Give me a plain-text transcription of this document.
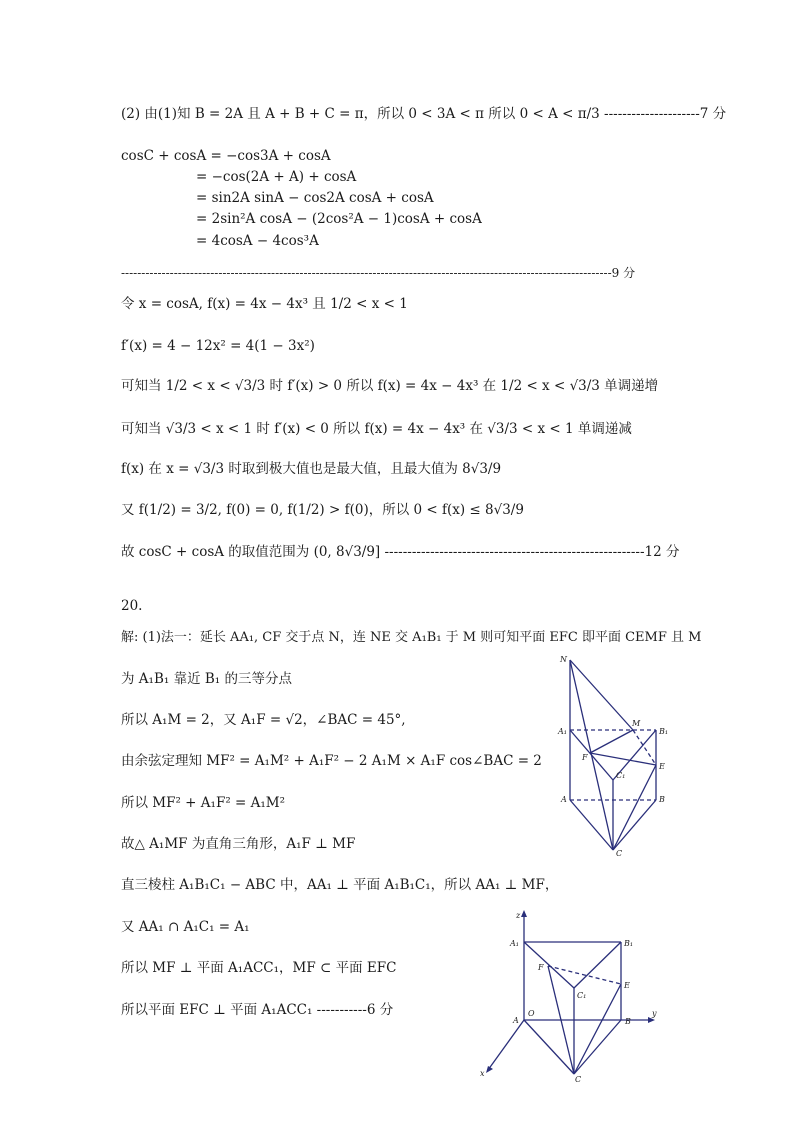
(2) 由(1)知 B = 2A 且 A + B + C = π，所以 0 < 3A < π 所以 0 < A < π/3 ---------------------7 分
cosC + cosA = −cos3A + cosA
= −cos(2A + A) + cosA
= sin2A sinA − cos2A cosA + cosA
= 2sin²A cosA − (2cos²A − 1)cosA + cosA
= 4cosA − 4cos³A
-------------------------------------------------------------------------------------------------------------------------9 分
令 x = cosA, f(x) = 4x − 4x³ 且 1/2 < x < 1
f′(x) = 4 − 12x² = 4(1 − 3x²)
可知当 1/2 < x < √3/3 时 f′(x) > 0 所以 f(x) = 4x − 4x³ 在 1/2 < x < √3/3 单调递增
可知当 √3/3 < x < 1 时 f′(x) < 0 所以 f(x) = 4x − 4x³ 在 √3/3 < x < 1 单调递减
f(x) 在 x = √3/3 时取到极大值也是最大值，且最大值为 8√3/9
又 f(1/2) = 3/2, f(0) = 0, f(1/2) > f(0)，所以 0 < f(x) ≤ 8√3/9
故 cosC + cosA 的取值范围为 (0, 8√3/9] ---------------------------------------------------------12 分
20.
解: (1)法一：延长 AA₁, CF 交于点 N，连 NE 交 A₁B₁ 于 M 则可知平面 EFC 即平面 CEMF 且 M
为 A₁B₁ 靠近 B₁ 的三等分点
所以 A₁M = 2，又 A₁F = √2，∠BAC = 45°,
由余弦定理知 MF² = A₁M² + A₁F² − 2 A₁M × A₁F cos∠BAC = 2
所以 MF² + A₁F² = A₁M²
故△ A₁MF 为直角三角形，A₁F ⊥ MF
直三棱柱 A₁B₁C₁ − ABC 中，AA₁ ⊥ 平面 A₁B₁C₁，所以 AA₁ ⊥ MF，
又 AA₁ ∩ A₁C₁ = A₁
所以 MF ⊥ 平面 A₁ACC₁，MF ⊂ 平面 EFC
所以平面 EFC ⊥ 平面 A₁ACC₁ -----------6 分
N
M
A₁	B₁
F
C₁
E
A	B
C
z
A₁	B₁
F
C₁
E
A
O
B
y
x
C
